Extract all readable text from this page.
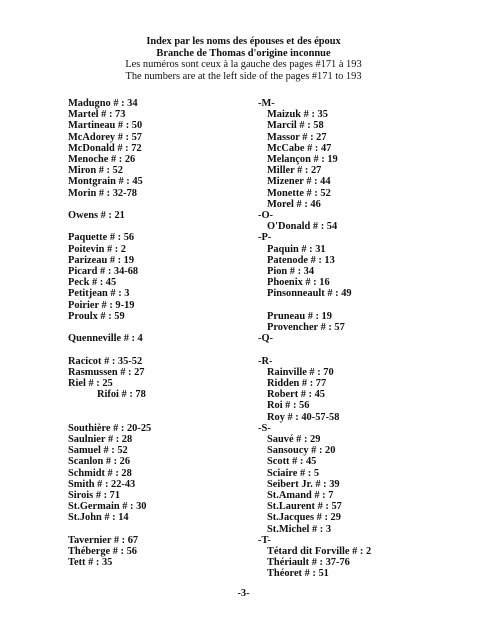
Index par les noms des épouses et des époux
Branche de Thomas d'origine inconnue
Les numéros sont ceux à la gauche des pages #171 à 193
The numbers are at the left side of the pages #171 to 193
Madugno # : 34
Martel # : 73
Martineau # : 50
McAdorey # : 57
McDonald # : 72
Menoche # : 26
Miron # : 52
Montgrain # : 45
Morin # : 32-78
Owens # : 21
Paquette # : 56
Poitevin # : 2
Parizeau # : 19
Picard # : 34-68
Peck # : 45
Petitjean # : 3
Poirier # : 9-19
Proulx # : 59
Quenneville # : 4
Racicot # : 35-52
Rasmussen # : 27
Riel # : 25
Rifoi # : 78
Southière # : 20-25
Saulnier # : 28
Samuel # : 52
Scanlon # : 26
Schmidt # : 28
Smith # : 22-43
Sirois # : 71
St.Germain # : 30
St.John # : 14
Tavernier # : 67
Théberge # : 56
Tett # : 35
-M-
Maizuk # : 35
Marcil # : 58
Massor # : 27
McCabe # : 47
Melançon # : 19
Miller # : 27
Mizener # : 44
Monette # : 52
Morel # : 46
-O-
O'Donald # : 54
-P-
Paquin # : 31
Patenode # : 13
Pion # : 34
Phoenix # : 16
Pinsonneault # : 49
Pruneau # : 19
Provencher # : 57
-Q-
-R-
Rainville # : 70
Ridden # : 77
Robert # : 45
Roi # : 56
Roy # : 40-57-58
-S-
Sauvé # : 29
Sansoucy # : 20
Scott # : 45
Sciaire # : 5
Seibert Jr. # : 39
St.Amand # : 7
St.Laurent # : 57
St.Jacques # : 29
St.Michel # : 3
-T-
Tétard dit Forville # : 2
Thériault # : 37-76
Théoret # : 51
-3-
